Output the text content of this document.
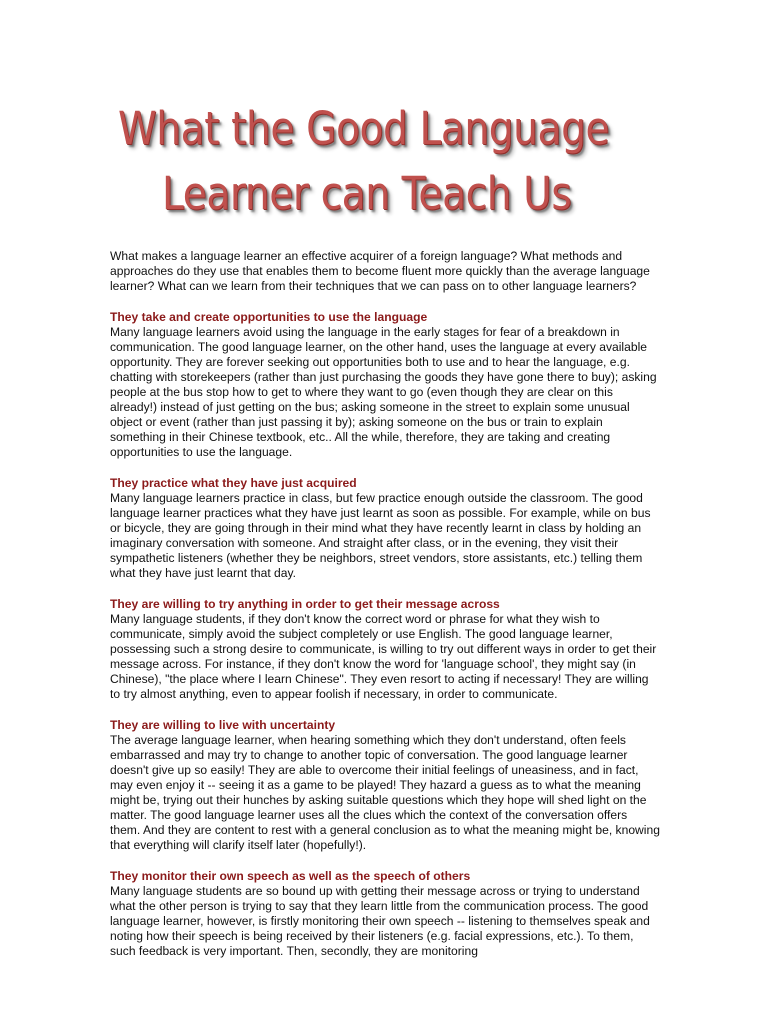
What the Good Language
Learner can Teach Us

What makes a language learner an effective acquirer of a foreign language? What methods and approaches do they use that enables them to become fluent more quickly than the average language learner? What can we learn from their techniques that we can pass on to other language learners?

They take and create opportunities to use the language

Many language learners avoid using the language in the early stages for fear of a breakdown in communication. The good language learner, on the other hand, uses the language at every available opportunity. They are forever seeking out opportunities both to use and to hear the language, e.g. chatting with storekeepers (rather than just purchasing the goods they have gone there to buy); asking people at the bus stop how to get to where they want to go (even though they are clear on this already!) instead of just getting on the bus; asking someone in the street to explain some unusual object or event (rather than just passing it by); asking someone on the bus or train to explain something in their Chinese textbook, etc.. All the while, therefore, they are taking and creating opportunities to use the language.

They practice what they have just acquired

Many language learners practice in class, but few practice enough outside the classroom. The good language learner practices what they have just learnt as soon as possible. For example, while on bus or bicycle, they are going through in their mind what they have recently learnt in class by holding an imaginary conversation with someone. And straight after class, or in the evening, they visit their sympathetic listeners (whether they be neighbors, street vendors, store assistants, etc.) telling them what they have just learnt that day.

They are willing to try anything in order to get their message across

Many language students, if they don't know the correct word or phrase for what they wish to communicate, simply avoid the subject completely or use English. The good language learner, possessing such a strong desire to communicate, is willing to try out different ways in order to get their message across. For instance, if they don't know the word for 'language school', they might say (in Chinese), "the place where I learn Chinese". They even resort to acting if necessary! They are willing to try almost anything, even to appear foolish if necessary, in order to communicate.

They are willing to live with uncertainty

The average language learner, when hearing something which they don't understand, often feels embarrassed and may try to change to another topic of conversation. The good language learner doesn't give up so easily! They are able to overcome their initial feelings of uneasiness, and in fact, may even enjoy it -- seeing it as a game to be played! They hazard a guess as to what the meaning might be, trying out their hunches by asking suitable questions which they hope will shed light on the matter. The good language learner uses all the clues which the context of the conversation offers them. And they are content to rest with a general conclusion as to what the meaning might be, knowing that everything will clarify itself later (hopefully!).

They monitor their own speech as well as the speech of others

Many language students are so bound up with getting their message across or trying to understand what the other person is trying to say that they learn little from the communication process. The good language learner, however, is firstly monitoring their own speech -- listening to themselves speak and noting how their speech is being received by their listeners (e.g. facial expressions, etc.). To them, such feedback is very important. Then, secondly, they are monitoring
